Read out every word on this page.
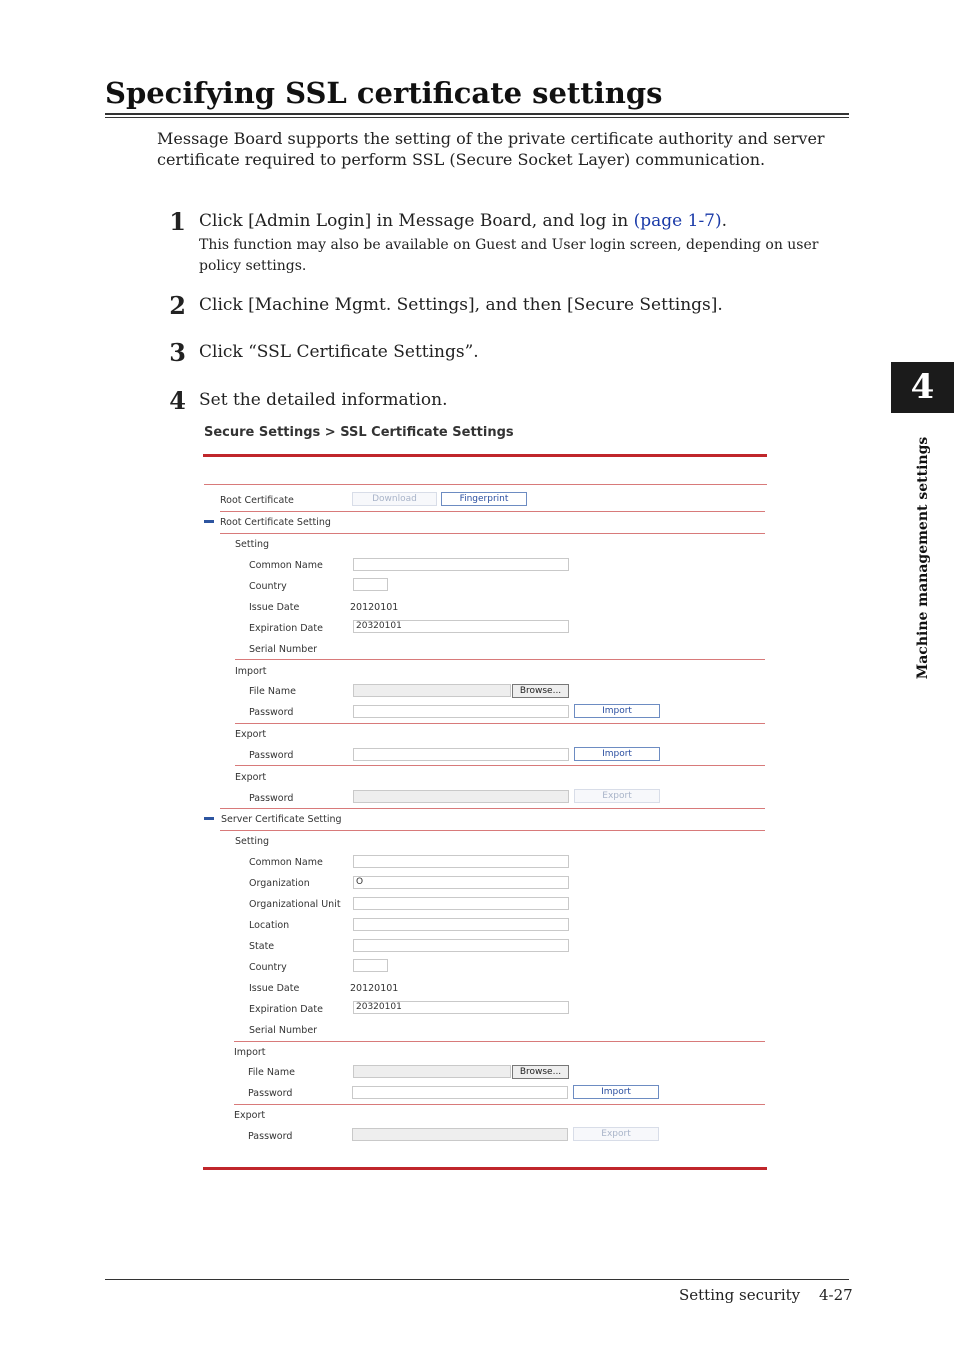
Specifying SSL certificate settings

Message Board supports the setting of the private certificate authority and server certificate required to perform SSL (Secure Socket Layer) communication.

1 Click [Admin Login] in Message Board, and log in (page 1-7).
This function may also be available on Guest and User login screen, depending on user policy settings.
2 Click [Machine Mgmt. Settings], and then [Secure Settings].
3 Click “SSL Certificate Settings”.
4 Set the detailed information.	4
Machine management settings
Secure Settings > SSL Certificate Settings
Root Certificate	Download	Fingerprint
Root Certificate Setting
Setting
Common Name
Country
Issue Date	20120101
Expiration Date	20320101
Serial Number
Import
File Name	Browse...
Password	Import
Export
Password	Import
Export
Password	Export
Server Certificate Setting
Setting
Common Name
Organization	O
Organizational Unit
Location
State
Country
Issue Date	20120101
Expiration Date	20320101
Serial Number
Import
File Name	Browse...
Password	Import
Export
Password	Export
Setting security 4-27
